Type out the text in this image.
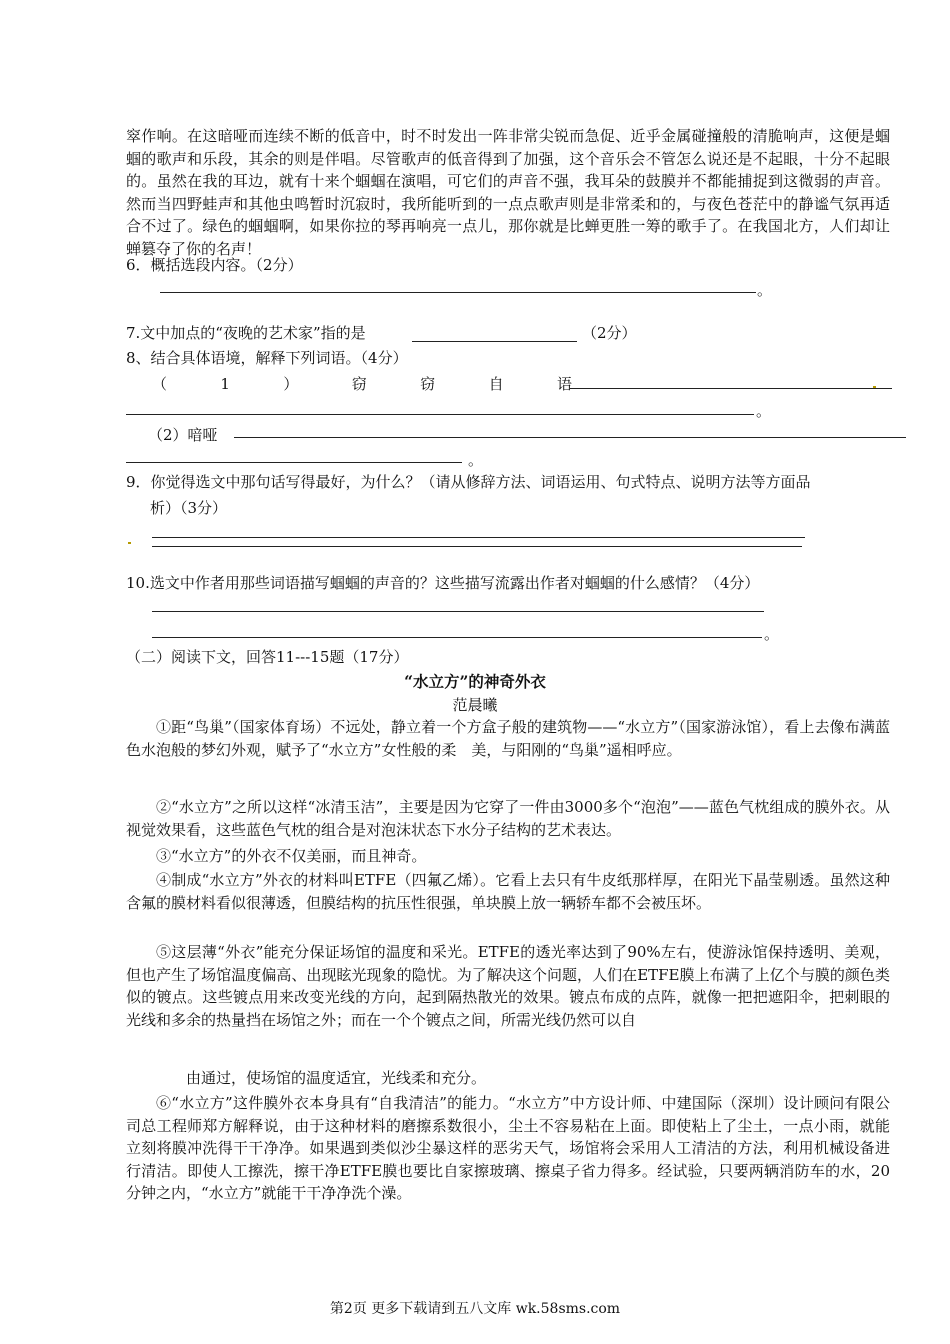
窣作响。在这暗哑而连续不断的低音中，时不时发出一阵非常尖锐而急促、近乎金属碰撞般的清脆响声，这便是蝈蝈的歌声和乐段，其余的则是伴唱。尽管歌声的低音得到了加强，这个音乐会不管怎么说还是不起眼，十分不起眼的。虽然在我的耳边，就有十来个蝈蝈在演唱，可它们的声音不强，我耳朵的鼓膜并不都能捕捉到这微弱的声音。然而当四野蛙声和其他虫鸣暂时沉寂时，我所能听到的一点点歌声则是非常柔和的，与夜色苍茫中的静谧气氛再适合不过了。绿色的蝈蝈啊，如果你拉的琴再响亮一点儿，那你就是比蝉更胜一筹的歌手了。在我国北方，人们却让蝉篡夺了你的名声！
6．概括选段内容。（2分）
。
7.文中加点的“夜晚的艺术家”指的是	（2分）
8、结合具体语境，解释下列词语。（4分）
（	1	）	窃	窃	自	语
。
（2）喑哑
。
9．你觉得选文中那句话写得最好，为什么？（请从修辞方法、词语运用、句式特点、说明方法等方面品
析）（3分）
10.选文中作者用那些词语描写蝈蝈的声音的？这些描写流露出作者对蝈蝈的什么感情？（4分）
。
（二）阅读下文，回答11---15题（17分）
“水立方”的神奇外衣
范晨曦
①距“鸟巢”（国家体育场）不远处，静立着一个方盒子般的建筑物——“水立方”（国家游泳馆），看上去像布满蓝色水泡般的梦幻外观，赋予了“水立方”女性般的柔　美，与阳刚的“鸟巢”遥相呼应。
②“水立方”之所以这样“冰清玉洁”，主要是因为它穿了一件由3000多个“泡泡”——蓝色气枕组成的膜外衣。从视觉效果看，这些蓝色气枕的组合是对泡沫状态下水分子结构的艺术表达。
③“水立方”的外衣不仅美丽，而且神奇。
④制成“水立方”外衣的材料叫ETFE（四氟乙烯）。它看上去只有牛皮纸那样厚，在阳光下晶莹剔透。虽然这种含氟的膜材料看似很薄透，但膜结构的抗压性很强，单块膜上放一辆轿车都不会被压坏。
⑤这层薄“外衣”能充分保证场馆的温度和采光。ETFE的透光率达到了90%左右，使游泳馆保持透明、美观，但也产生了场馆温度偏高、出现眩光现象的隐忧。为了解决这个问题，人们在ETFE膜上布满了上亿个与膜的颜色类似的镀点。这些镀点用来改变光线的方向，起到隔热散光的效果。镀点布成的点阵，就像一把把遮阳伞，把刺眼的光线和多余的热量挡在场馆之外；而在一个个镀点之间，所需光线仍然可以自
由通过，使场馆的温度适宜，光线柔和充分。
⑥“水立方”这件膜外衣本身具有“自我清洁”的能力。“水立方”中方设计师、中建国际（深圳）设计顾问有限公司总工程师郑方解释说，由于这种材料的磨擦系数很小，尘土不容易粘在上面。即使粘上了尘土，一点小雨，就能立刻将膜冲洗得干干净净。如果遇到类似沙尘暴这样的恶劣天气，场馆将会采用人工清洁的方法，利用机械设备进行清洁。即使人工擦洗，擦干净ETFE膜也要比自家擦玻璃、擦桌子省力得多。经试验，只要两辆消防车的水，20分钟之内，“水立方”就能干干净净洗个澡。
第2页 更多下载请到五八文库 wk.58sms.com
